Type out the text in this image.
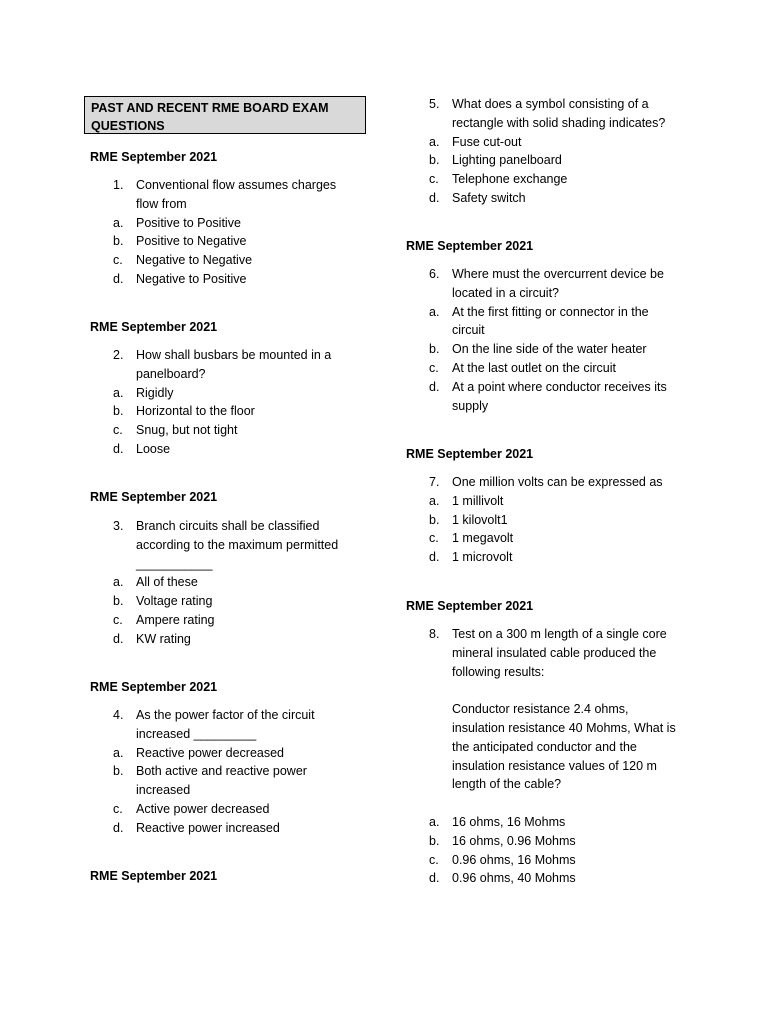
PAST AND RECENT RME BOARD EXAM QUESTIONS
RME September 2021
1. Conventional flow assumes charges flow from
a. Positive to Positive
b. Positive to Negative
c. Negative to Negative
d. Negative to Positive
RME September 2021
2. How shall busbars be mounted in a panelboard?
a. Rigidly
b. Horizontal to the floor
c. Snug, but not tight
d. Loose
RME September 2021
3. Branch circuits shall be classified according to the maximum permitted ___________
a. All of these
b. Voltage rating
c. Ampere rating
d. KW rating
RME September 2021
4. As the power factor of the circuit increased _________
a. Reactive power decreased
b. Both active and reactive power increased
c. Active power decreased
d. Reactive power increased
RME September 2021
5. What does a symbol consisting of a rectangle with solid shading indicates?
a. Fuse cut-out
b. Lighting panelboard
c. Telephone exchange
d. Safety switch
RME September 2021
6. Where must the overcurrent device be located in a circuit?
a. At the first fitting or connector in the circuit
b. On the line side of the water heater
c. At the last outlet on the circuit
d. At a point where conductor receives its supply
RME September 2021
7. One million volts can be expressed as
a. 1 millivolt
b. 1 kilovolt1
c. 1 megavolt
d. 1 microvolt
RME September 2021
8. Test on a 300 m length of a single core mineral insulated cable produced the following results:
Conductor resistance 2.4 ohms, insulation resistance 40 Mohms, What is the anticipated conductor and the insulation resistance values of 120 m length of the cable?
a. 16 ohms, 16 Mohms
b. 16 ohms, 0.96 Mohms
c. 0.96 ohms, 16 Mohms
d. 0.96 ohms, 40 Mohms
